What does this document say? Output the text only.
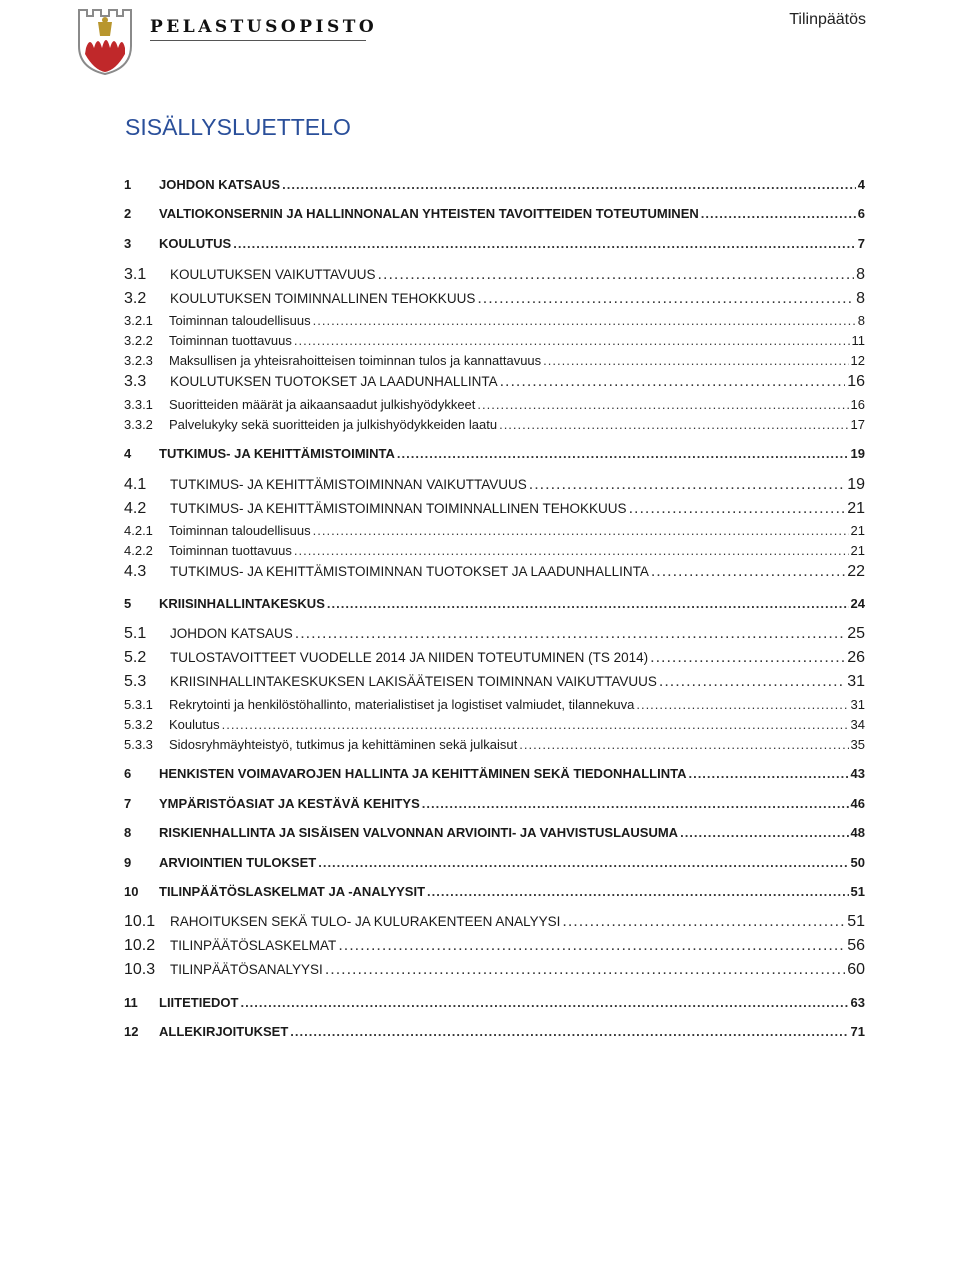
PELASTUSOPISTO	Tilinpäätös
SISÄLLYSLUETTELO
1	JOHDON KATSAUS .....	4
2	VALTIOKONSERNIN JA HALLINNONALAN YHTEISTEN TAVOITTEIDEN TOTEUTUMINEN .....	6
3	KOULUTUS .....	7
3.1	KOULUTUKSEN VAIKUTTAVUUS .....	8
3.2	KOULUTUKSEN TOIMINNALLINEN TEHOKKUUS .....	8
3.2.1	Toiminnan taloudellisuus .....	8
3.2.2	Toiminnan tuottavuus .....	11
3.2.3	Maksullisen ja yhteisrahoitteisen toiminnan tulos ja kannattavuus .....	12
3.3	KOULUTUKSEN TUOTOKSET JA LAADUNHALLINTA .....	16
3.3.1	Suoritteiden määrät ja aikaansaadut julkishyödykkeet .....	16
3.3.2	Palvelukyky sekä suoritteiden ja julkishyödykkeiden laatu .....	17
4	TUTKIMUS- JA KEHITTÄMISTOIMINTA .....	19
4.1	TUTKIMUS- JA KEHITTÄMISTOIMINNAN VAIKUTTAVUUS .....	19
4.2	TUTKIMUS- JA KEHITTÄMISTOIMINNAN TOIMINNALLINEN TEHOKKUUS .....	21
4.2.1	Toiminnan taloudellisuus .....	21
4.2.2	Toiminnan tuottavuus .....	21
4.3	TUTKIMUS- JA KEHITTÄMISTOIMINNAN TUOTOKSET JA LAADUNHALLINTA .....	22
5	KRIISINHALLINTAKESKUS .....	24
5.1	JOHDON KATSAUS .....	25
5.2	TULOSTAVOITTEET VUODELLE 2014 JA NIIDEN TOTEUTUMINEN (TS 2014) .....	26
5.3	KRIISINHALLINTAKESKUKSEN LAKISÄÄTEISEN TOIMINNAN VAIKUTTAVUUS .....	31
5.3.1	Rekrytointi ja henkilöstöhallinto, materialistiset ja logistiset valmiudet, tilannekuva .....	31
5.3.2	Koulutus .....	34
5.3.3	Sidosryhmäyhteistyö, tutkimus ja kehittäminen sekä julkaisut .....	35
6	HENKISTEN VOIMAVAROJEN HALLINTA JA KEHITTÄMINEN SEKÄ TIEDONHALLINTA .....	43
7	YMPÄRISTÖASIAT JA KESTÄVÄ KEHITYS .....	46
8	RISKIENHALLINTA JA SISÄISEN VALVONNAN ARVIOINTI- JA VAHVISTUSLAUSUMA .....	48
9	ARVIOINTIEN TULOKSET .....	50
10	TILINPÄÄTÖSLASKELMAT JA -ANALYYSIT .....	51
10.1	RAHOITUKSEN SEKÄ TULO- JA KULURAKENTEEN ANALYYSI .....	51
10.2	TILINPÄÄTÖSLASKELMAT .....	56
10.3	TILINPÄÄTÖSANALYYSI .....	60
11	LIITETIEDOT .....	63
12	ALLEKIRJOITUKSET .....	71
